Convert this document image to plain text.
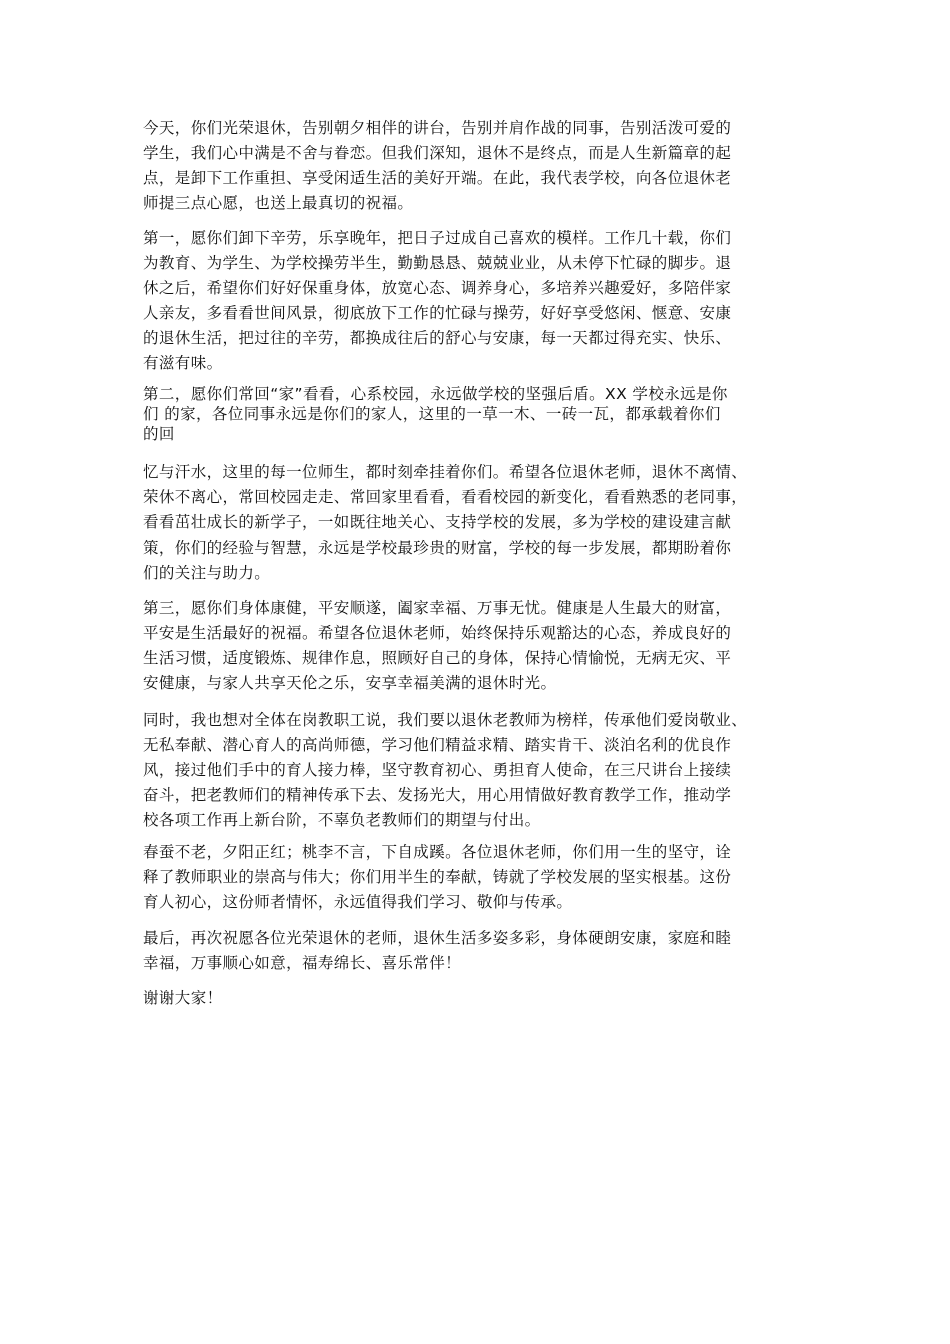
今天，你们光荣退休，告别朝夕相伴的讲台，告别并肩作战的同事，告别活泼可爱的
学生，我们心中满是不舍与眷恋。但我们深知，退休不是终点，而是人生新篇章的起
点，是卸下工作重担、享受闲适生活的美好开端。在此，我代表学校，向各位退休老
师提三点心愿，也送上最真切的祝福。

第一，愿你们卸下辛劳，乐享晚年，把日子过成自己喜欢的模样。工作几十载，你们
为教育、为学生、为学校操劳半生，勤勤恳恳、兢兢业业，从未停下忙碌的脚步。退
休之后，希望你们好好保重身体，放宽心态、调养身心，多培养兴趣爱好，多陪伴家
人亲友，多看看世间风景，彻底放下工作的忙碌与操劳，好好享受悠闲、惬意、安康
的退休生活，把过往的辛劳，都换成往后的舒心与安康，每一天都过得充实、快乐、
有滋有味。

第二，愿你们常回“家”看看，心系校园，永远做学校的坚强后盾。XX 学校永远是你
们 的家，各位同事永远是你们的家人，这里的一草一木、一砖一瓦，都承载着你们
的回

忆与汗水，这里的每一位师生，都时刻牵挂着你们。希望各位退休老师，退休不离情、
荣休不离心，常回校园走走、常回家里看看，看看校园的新变化，看看熟悉的老同事，
看看茁壮成长的新学子，一如既往地关心、支持学校的发展，多为学校的建设建言献

策，你们的经验与智慧，永远是学校最珍贵的财富，学校的每一步发展，都期盼着你
们的关注与助力。

第三，愿你们身体康健，平安顺遂，阖家幸福、万事无忧。健康是人生最大的财富，
平安是生活最好的祝福。希望各位退休老师，始终保持乐观豁达的心态，养成良好的
生活习惯，适度锻炼、规律作息，照顾好自己的身体，保持心情愉悦，无病无灾、平
安健康，与家人共享天伦之乐，安享幸福美满的退休时光。

同时，我也想对全体在岗教职工说，我们要以退休老教师为榜样，传承他们爱岗敬业、
无私奉献、潜心育人的高尚师德，学习他们精益求精、踏实肯干、淡泊名利的优良作
风，接过他们手中的育人接力棒，坚守教育初心、勇担育人使命，在三尺讲台上接续
奋斗，把老教师们的精神传承下去、发扬光大，用心用情做好教育教学工作，推动学
校各项工作再上新台阶，不辜负老教师们的期望与付出。

春蚕不老，夕阳正红；桃李不言，下自成蹊。各位退休老师，你们用一生的坚守，诠
释了教师职业的崇高与伟大；你们用半生的奉献，铸就了学校发展的坚实根基。这份
育人初心，这份师者情怀，永远值得我们学习、敬仰与传承。

最后，再次祝愿各位光荣退休的老师，退休生活多姿多彩，身体硬朗安康，家庭和睦
幸福，万事顺心如意，福寿绵长、喜乐常伴！

谢谢大家！
